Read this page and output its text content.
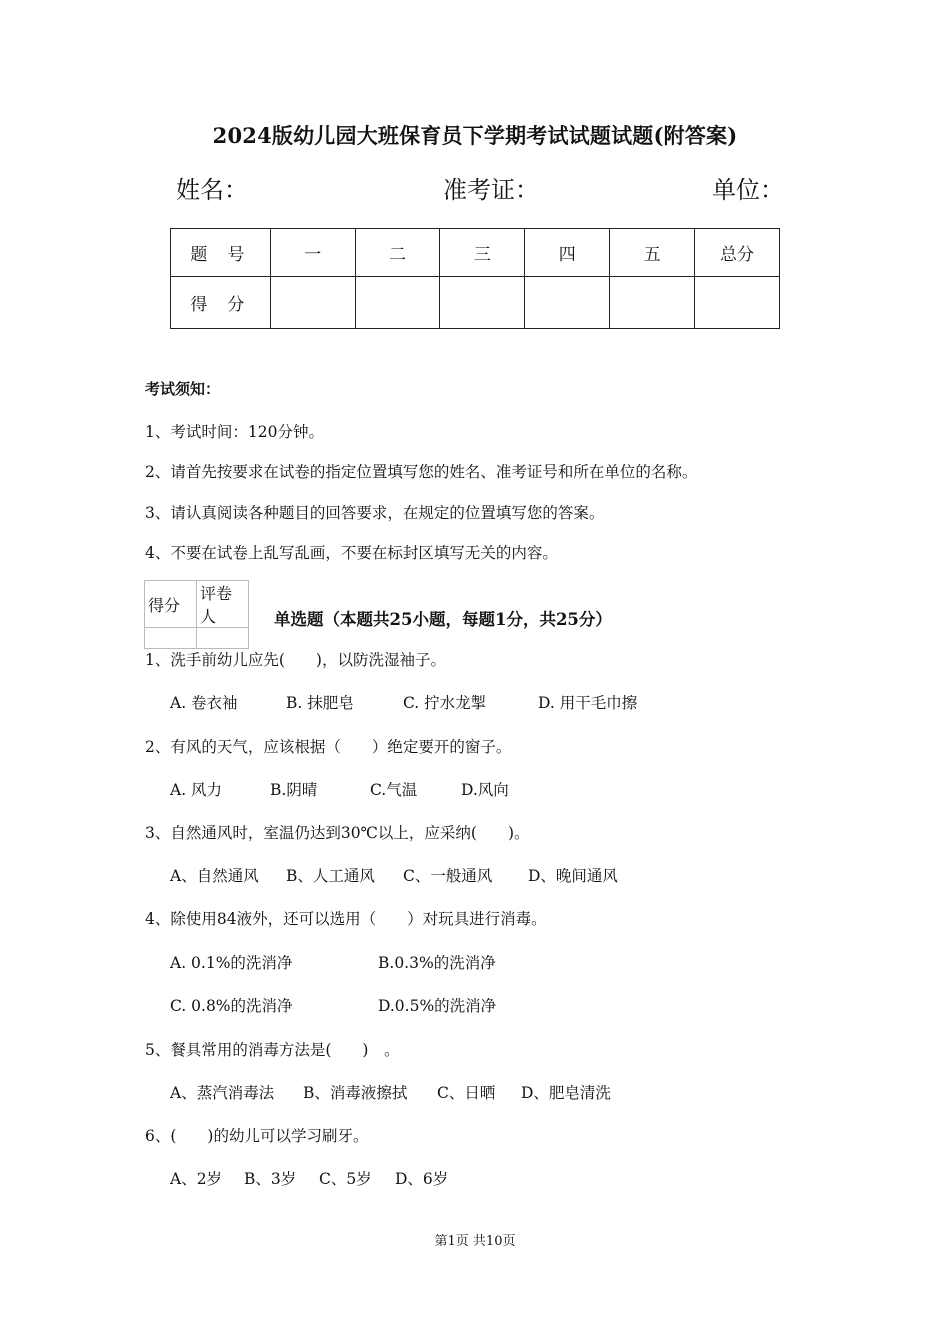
2024版幼儿园大班保育员下学期考试试题试题(附答案)
姓名：	准考证：	单位：
题号	一	二	三	四	五	总分
得分						
考试须知：
1、考试时间：120分钟。
2、请首先按要求在试卷的指定位置填写您的姓名、准考证号和所在单位的名称。
3、请认真阅读各种题目的回答要求，在规定的位置填写您的答案。
4、不要在试卷上乱写乱画，不要在标封区填写无关的内容。
得分	评卷人
		单选题（本题共25小题，每题1分，共25分）
1、洗手前幼儿应先(　　)，以防洗湿袖子。
A. 卷衣袖	B. 抹肥皂	C. 拧水龙掣	D. 用干毛巾擦
2、有风的天气，应该根据（　　）绝定要开的窗子。
A. 风力	B.阴晴	C.气温	D.风向
3、自然通风时，室温仍达到30℃以上，应采纳(　　)。
A、自然通风 B、人工通风 C、一般通风 D、晚间通风
4、除使用84液外，还可以选用（　　）对玩具进行消毒。
A. 0.1%的洗消净	B.0.3%的洗消净
C. 0.8%的洗消净	D.0.5%的洗消净
5、餐具常用的消毒方法是(　　)　。
A、蒸汽消毒法 B、消毒液擦拭 C、日晒 D、肥皂清洗
6、(　　)的幼儿可以学习刷牙。
A、2岁 B、3岁 C、5岁 D、6岁
第1页 共10页
